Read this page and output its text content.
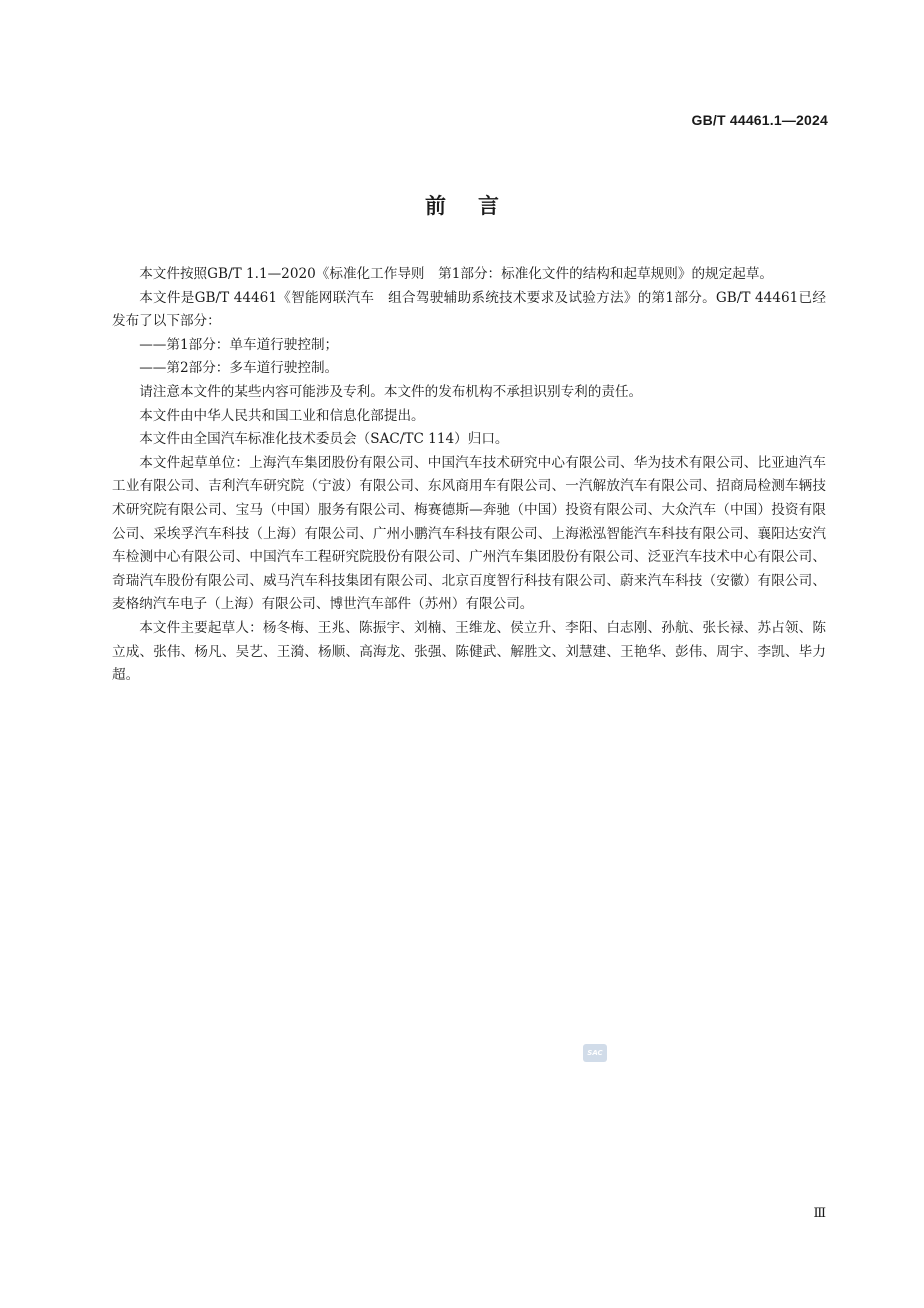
GB/T 44461.1—2024
前言

本文件按照GB/T 1.1—2020《标准化工作导则　第1部分：标准化文件的结构和起草规则》的规定起草。

本文件是GB/T 44461《智能网联汽车　组合驾驶辅助系统技术要求及试验方法》的第1部分。GB/T 44461已经发布了以下部分：

——第1部分：单车道行驶控制；

——第2部分：多车道行驶控制。

请注意本文件的某些内容可能涉及专利。本文件的发布机构不承担识别专利的责任。

本文件由中华人民共和国工业和信息化部提出。

本文件由全国汽车标准化技术委员会（SAC/TC 114）归口。

本文件起草单位：上海汽车集团股份有限公司、中国汽车技术研究中心有限公司、华为技术有限公司、比亚迪汽车工业有限公司、吉利汽车研究院（宁波）有限公司、东风商用车有限公司、一汽解放汽车有限公司、招商局检测车辆技术研究院有限公司、宝马（中国）服务有限公司、梅赛德斯—奔驰（中国）投资有限公司、大众汽车（中国）投资有限公司、采埃孚汽车科技（上海）有限公司、广州小鹏汽车科技有限公司、上海淞泓智能汽车科技有限公司、襄阳达安汽车检测中心有限公司、中国汽车工程研究院股份有限公司、广州汽车集团股份有限公司、泛亚汽车技术中心有限公司、奇瑞汽车股份有限公司、威马汽车科技集团有限公司、北京百度智行科技有限公司、蔚来汽车科技（安徽）有限公司、麦格纳汽车电子（上海）有限公司、博世汽车部件（苏州）有限公司。

本文件主要起草人：杨冬梅、王兆、陈振宇、刘楠、王维龙、侯立升、李阳、白志刚、孙航、张长禄、苏占领、陈立成、张伟、杨凡、吴艺、王漪、杨顺、高海龙、张强、陈健武、解胜文、刘慧建、王艳华、彭伟、周宇、李凯、毕力超。

SAC
Ⅲ
